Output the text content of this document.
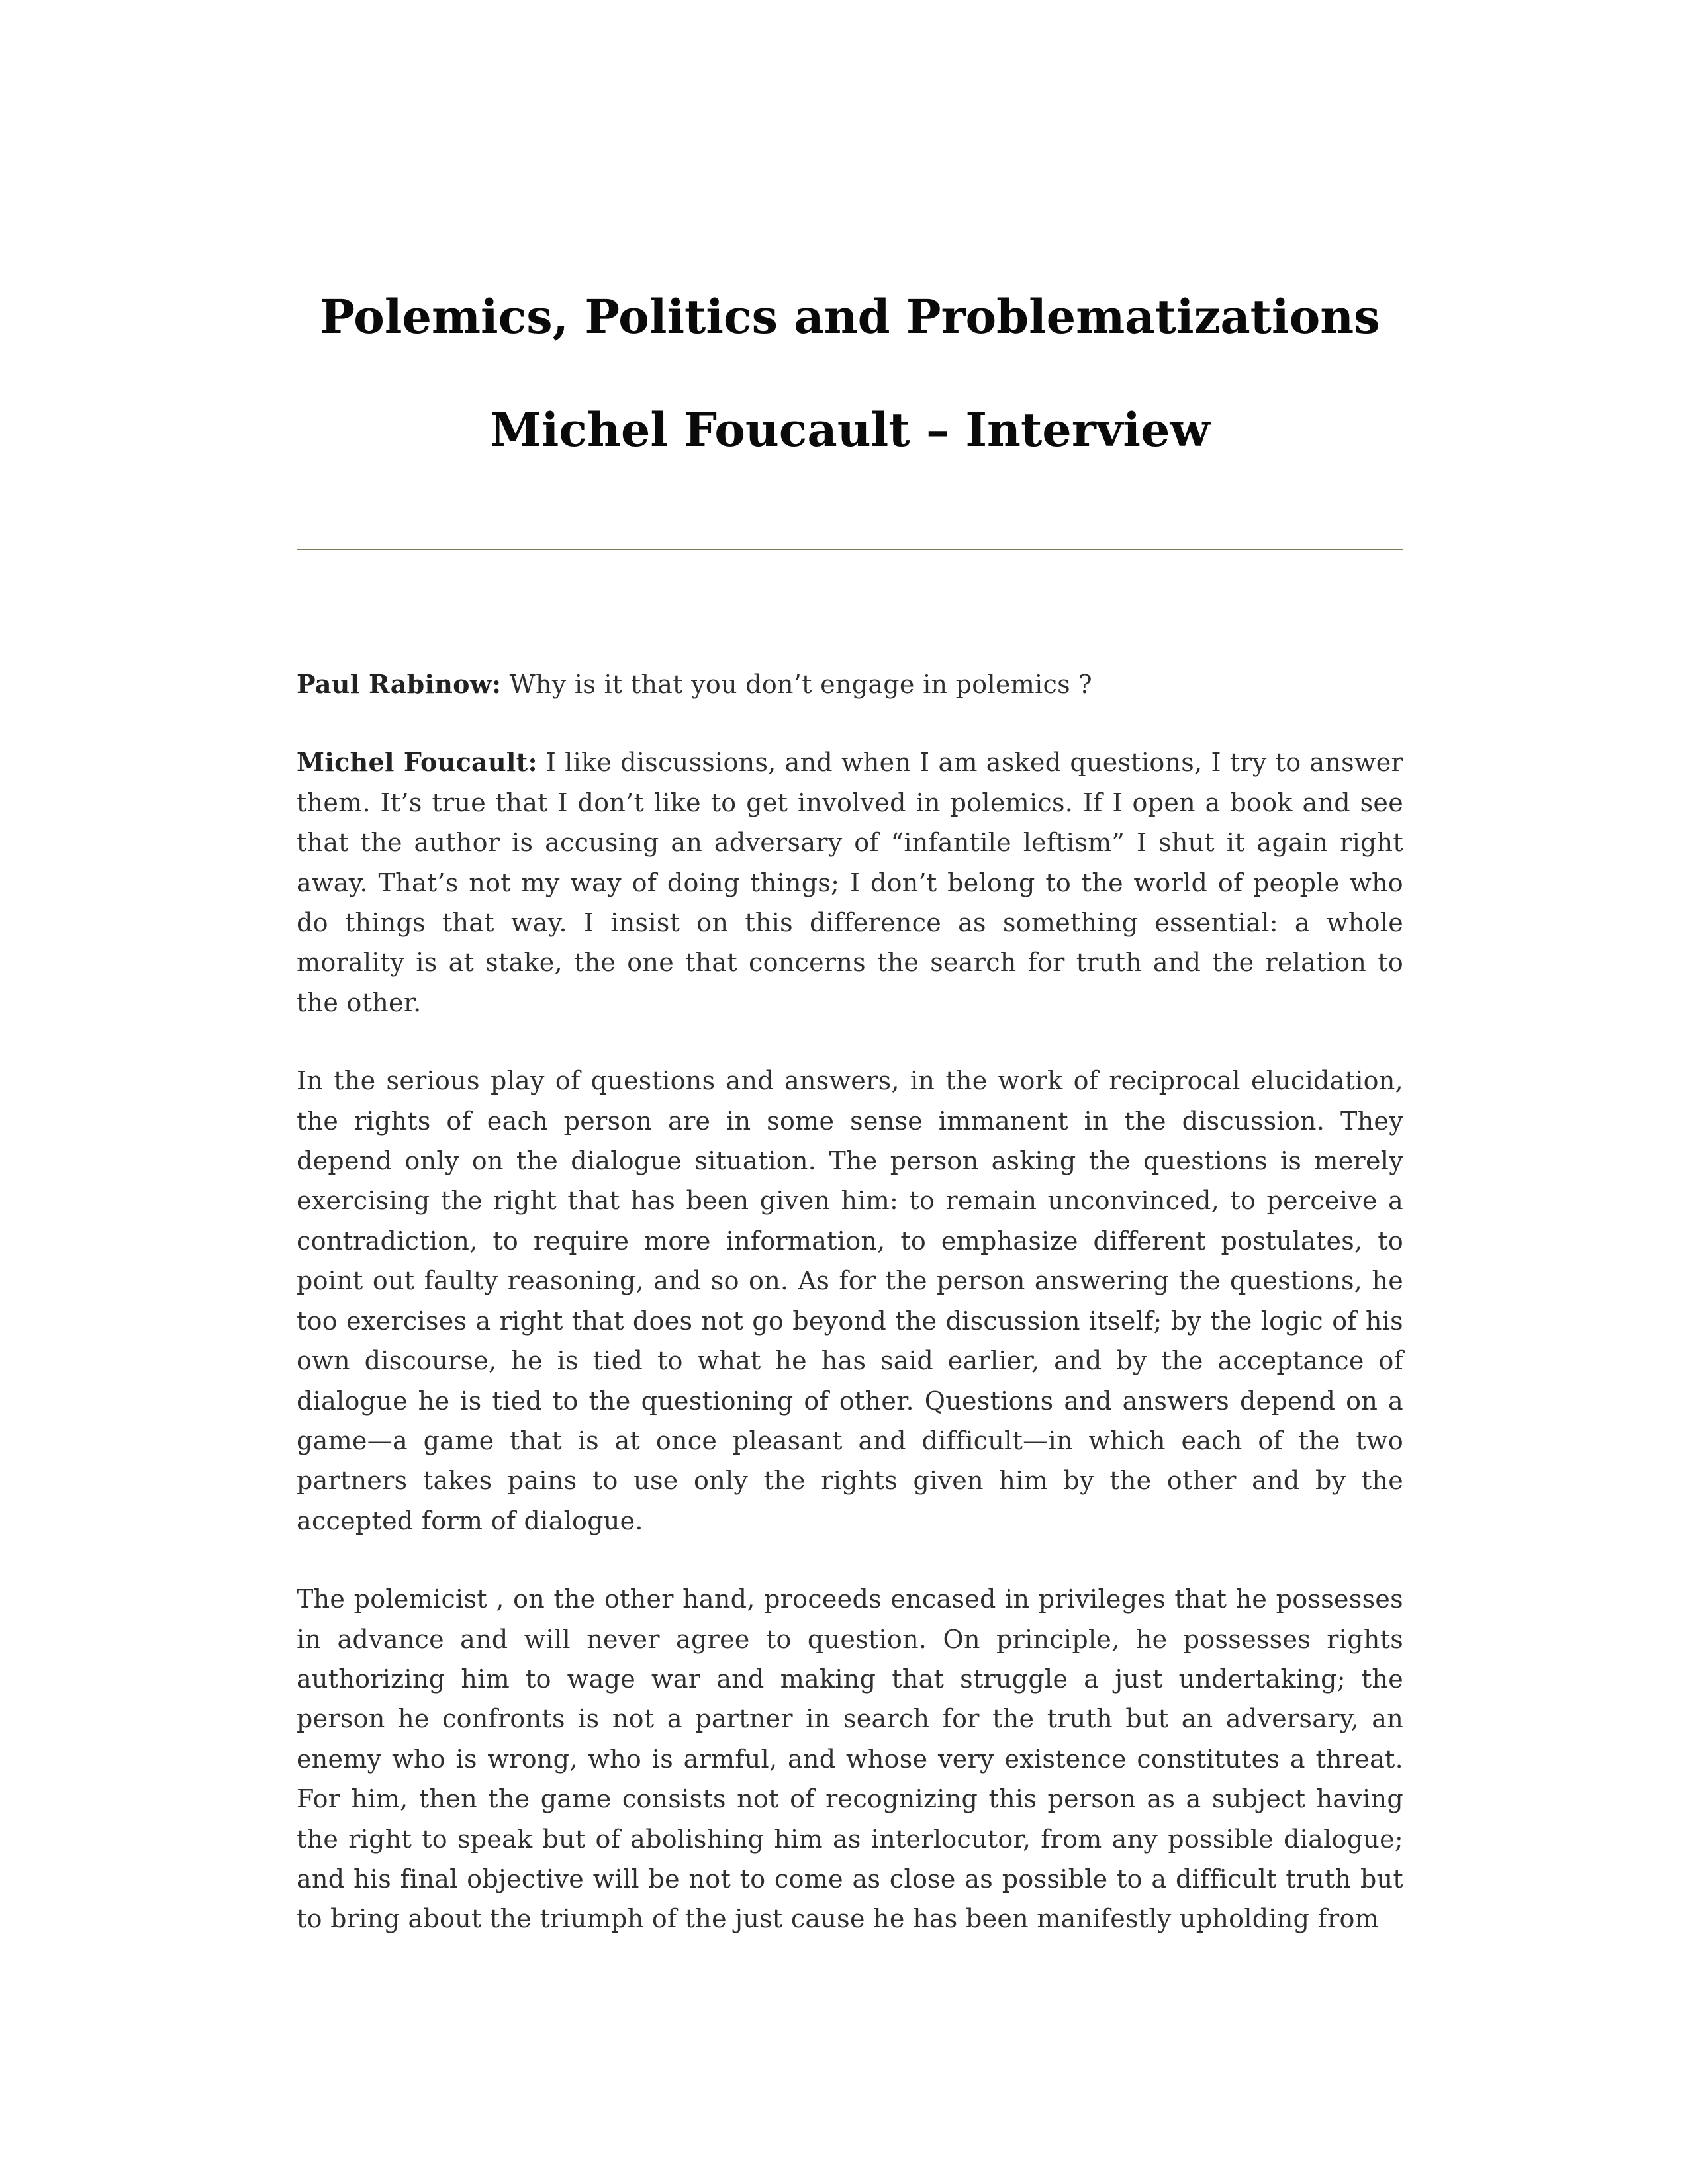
Polemics, Politics and Problematizations
Michel Foucault – Interview

Paul Rabinow: Why is it that you don’t engage in polemics ?

Michel Foucault: I like discussions, and when I am asked questions, I try to answer them. It’s true that I don’t like to get involved in polemics. If I open a book and see that the author is accusing an adversary of “infantile leftism” I shut it again right away. That’s not my way of doing things; I don’t belong to the world of people who do things that way. I insist on this difference as something essential: a whole morality is at stake, the one that concerns the search for truth and the relation to the other.

In the serious play of questions and answers, in the work of reciprocal elucidation, the rights of each person are in some sense immanent in the discussion. They depend only on the dialogue situation. The person asking the questions is merely exercising the right that has been given him: to remain unconvinced, to perceive a contradiction, to require more information, to emphasize different postulates, to point out faulty reasoning, and so on. As for the person answering the questions, he too exercises a right that does not go beyond the discussion itself; by the logic of his own discourse, he is tied to what he has said earlier, and by the acceptance of dialogue he is tied to the questioning of other. Questions and answers depend on a game—a game that is at once pleasant and difficult—in which each of the two partners takes pains to use only the rights given him by the other and by the accepted form of dialogue.

The polemicist , on the other hand, proceeds encased in privileges that he possesses in advance and will never agree to question. On principle, he possesses rights authorizing him to wage war and making that struggle a just undertaking; the person he confronts is not a partner in search for the truth but an adversary, an enemy who is wrong, who is armful, and whose very existence constitutes a threat. For him, then the game consists not of recognizing this person as a subject having the right to speak but of abolishing him as interlocutor, from any possible dialogue; and his final objective will be not to come as close as possible to a difficult truth but to bring about the triumph of the just cause he has been manifestly upholding from
